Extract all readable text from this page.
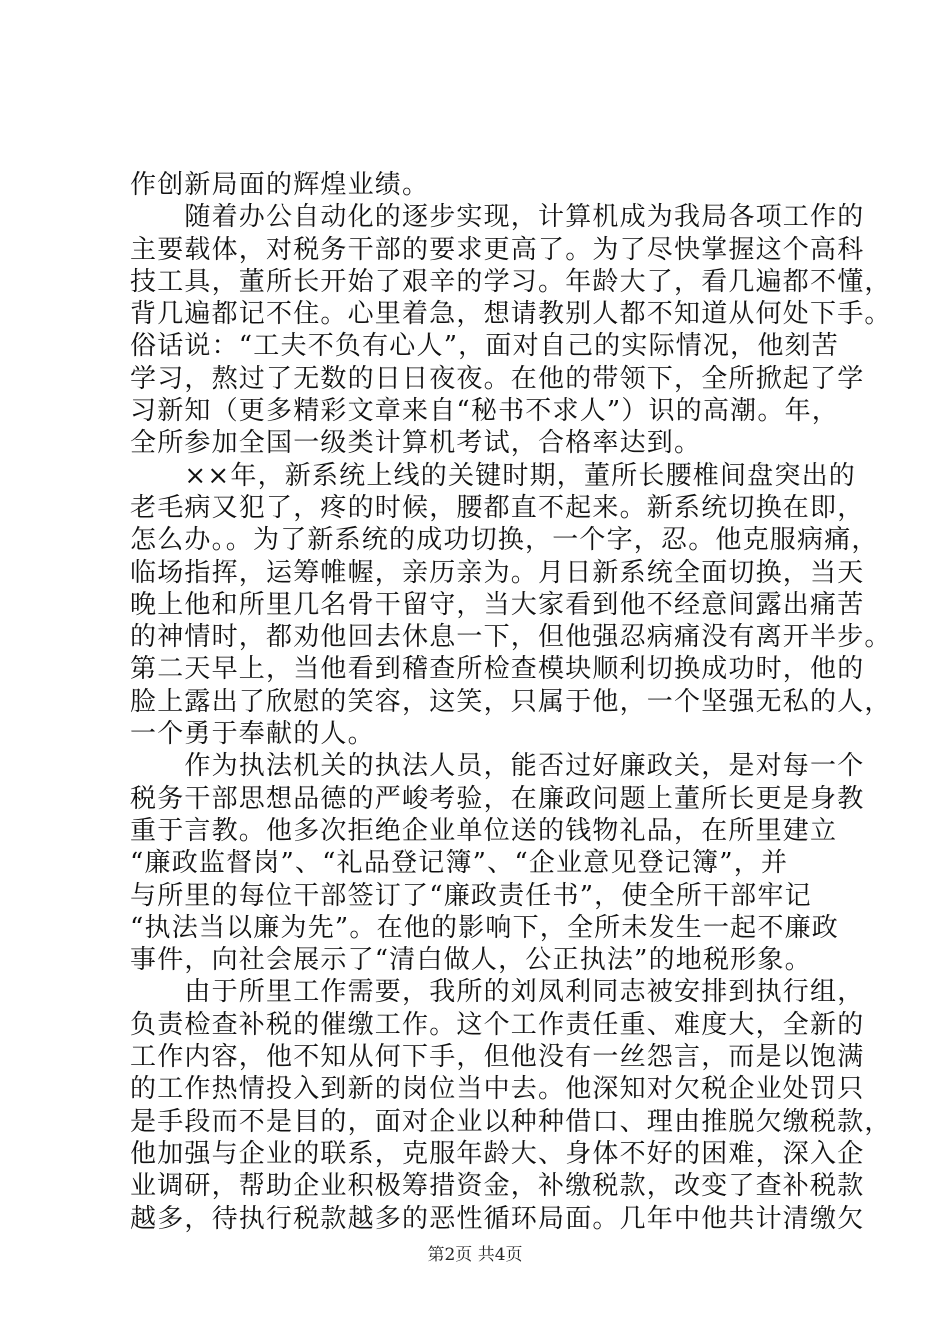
作创新局面的辉煌业绩。
　　随着办公自动化的逐步实现，计算机成为我局各项工作的
主要载体，对税务干部的要求更高了。为了尽快掌握这个高科
技工具，董所长开始了艰辛的学习。年龄大了，看几遍都不懂，
背几遍都记不住。心里着急，想请教别人都不知道从何处下手。
俗话说：“工夫不负有心人”，面对自己的实际情况，他刻苦
学习，熬过了无数的日日夜夜。在他的带领下，全所掀起了学
习新知（更多精彩文章来自“秘书不求人”）识的高潮。年，
全所参加全国一级类计算机考试，合格率达到。
　　××年，新系统上线的关键时期，董所长腰椎间盘突出的
老毛病又犯了，疼的时候，腰都直不起来。新系统切换在即，
怎么办。。为了新系统的成功切换，一个字，忍。他克服病痛，
临场指挥，运筹帷幄，亲历亲为。月日新系统全面切换，当天
晚上他和所里几名骨干留守，当大家看到他不经意间露出痛苦
的神情时，都劝他回去休息一下，但他强忍病痛没有离开半步。
第二天早上，当他看到稽查所检查模块顺利切换成功时，他的
脸上露出了欣慰的笑容，这笑，只属于他，一个坚强无私的人，
一个勇于奉献的人。
　　作为执法机关的执法人员，能否过好廉政关，是对每一个
税务干部思想品德的严峻考验，在廉政问题上董所长更是身教
重于言教。他多次拒绝企业单位送的钱物礼品，在所里建立
“廉政监督岗”、“礼品登记簿”、“企业意见登记簿”，并
与所里的每位干部签订了“廉政责任书”，使全所干部牢记
“执法当以廉为先”。在他的影响下，全所未发生一起不廉政
事件，向社会展示了“清白做人，公正执法”的地税形象。
　　由于所里工作需要，我所的刘凤利同志被安排到执行组，
负责检查补税的催缴工作。这个工作责任重、难度大，全新的
工作内容，他不知从何下手，但他没有一丝怨言，而是以饱满
的工作热情投入到新的岗位当中去。他深知对欠税企业处罚只
是手段而不是目的，面对企业以种种借口、理由推脱欠缴税款，
他加强与企业的联系，克服年龄大、身体不好的困难，深入企
业调研，帮助企业积极筹措资金，补缴税款，改变了查补税款
越多，待执行税款越多的恶性循环局面。几年中他共计清缴欠
第2页 共4页
